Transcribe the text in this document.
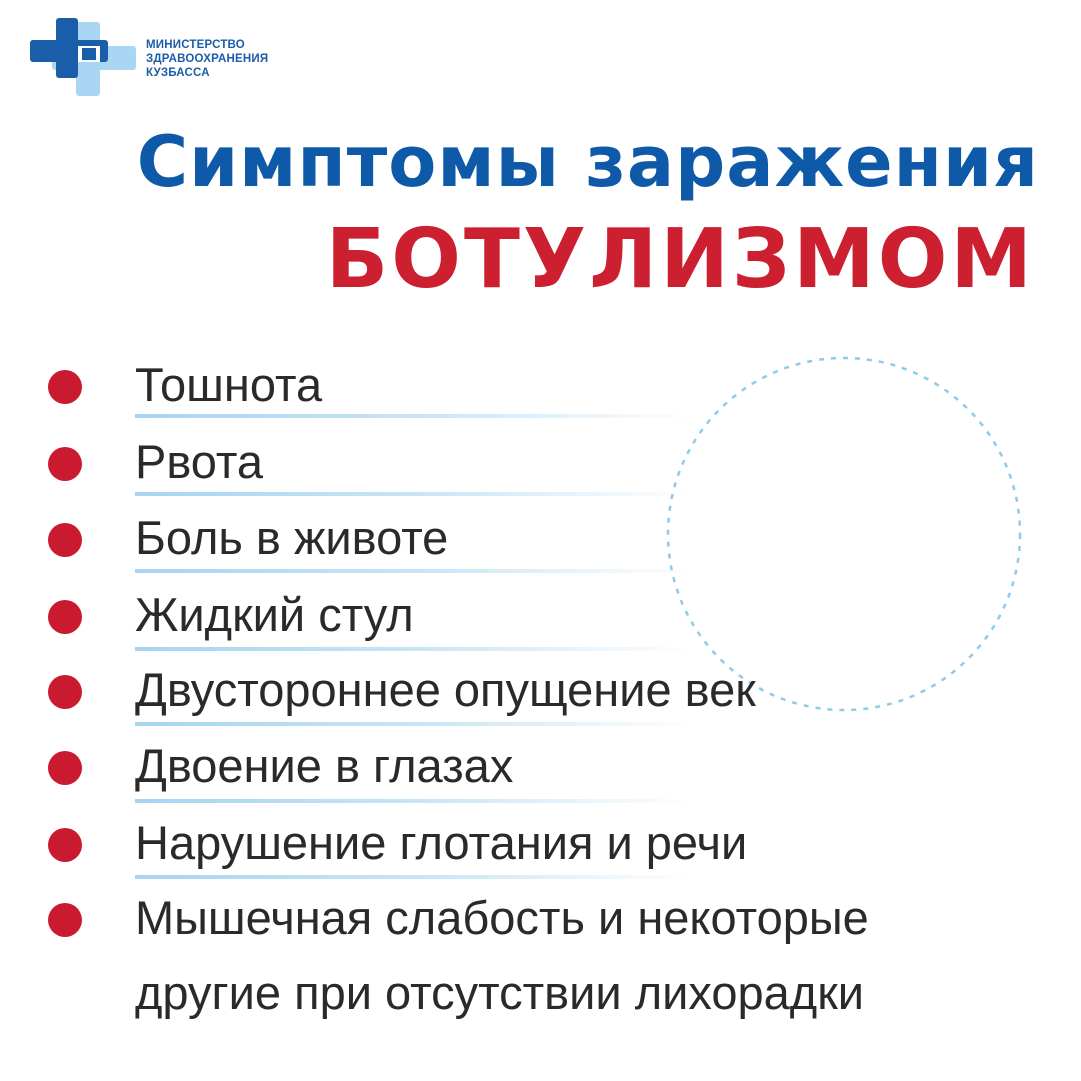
МИНИСТЕРСТВО
ЗДРАВООХРАНЕНИЯ
КУЗБАССА
Симптомы заражения
БОТУЛИЗМОМ
Тошнота
Рвота
Боль в животе
Жидкий стул
Двустороннее опущение век
Двоение в глазах
Нарушение глотания и речи
Мышечная слабость и некоторые
другие при отсутствии лихорадки
